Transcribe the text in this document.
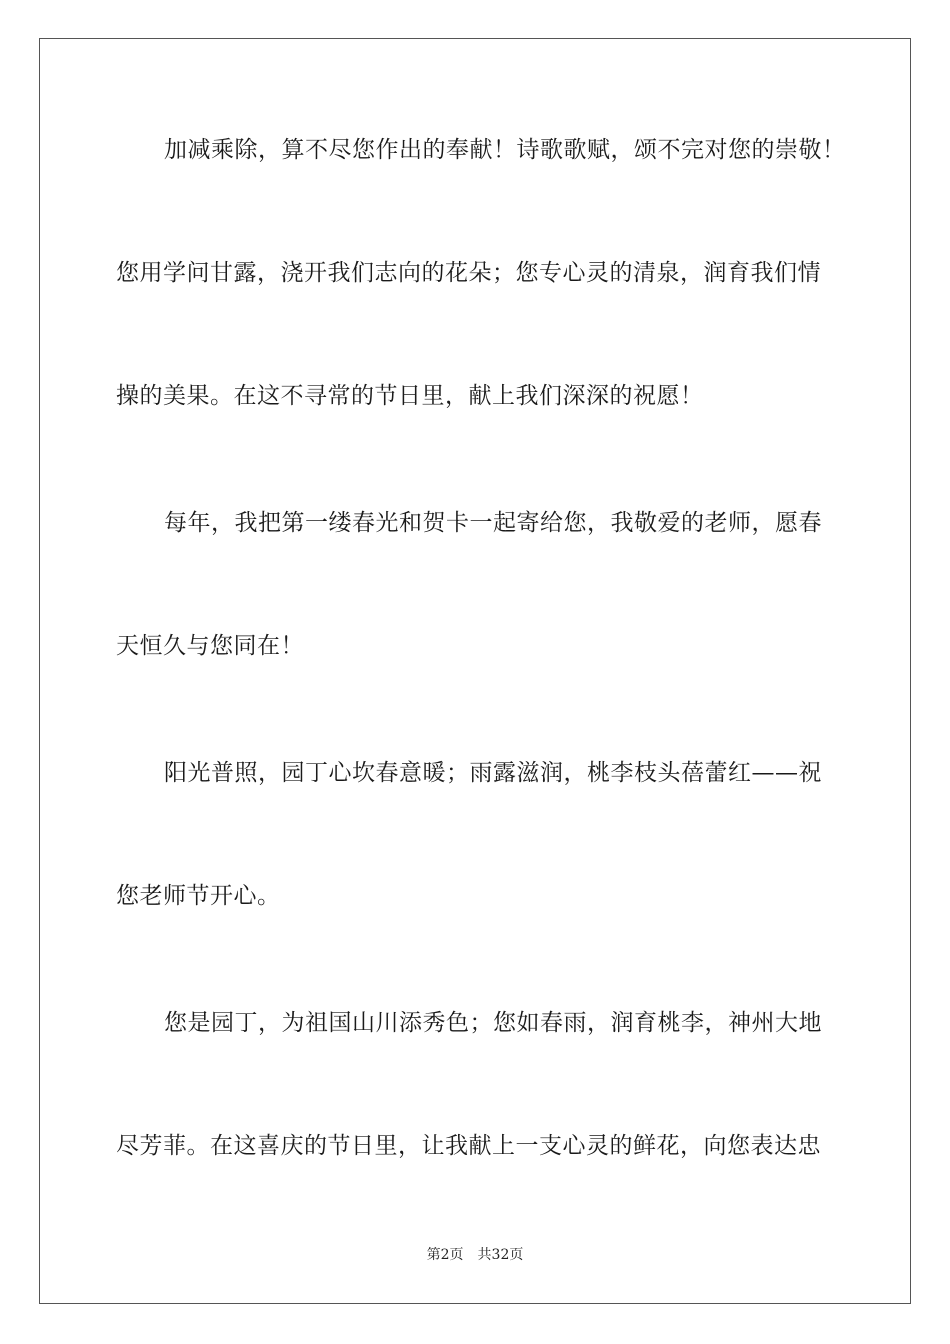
加减乘除，算不尽您作出的奉献！诗歌歌赋，颂不完对您的崇敬！
您用学问甘露，浇开我们志向的花朵；您专心灵的清泉，润育我们情
操的美果。在这不寻常的节日里，献上我们深深的祝愿！
每年，我把第一缕春光和贺卡一起寄给您，我敬爱的老师，愿春
天恒久与您同在！
阳光普照，园丁心坎春意暖；雨露滋润，桃李枝头蓓蕾红——祝
您老师节开心。
您是园丁，为祖国山川添秀色；您如春雨，润育桃李，神州大地
尽芳菲。在这喜庆的节日里，让我献上一支心灵的鲜花，向您表达忠
第2页 共32页
